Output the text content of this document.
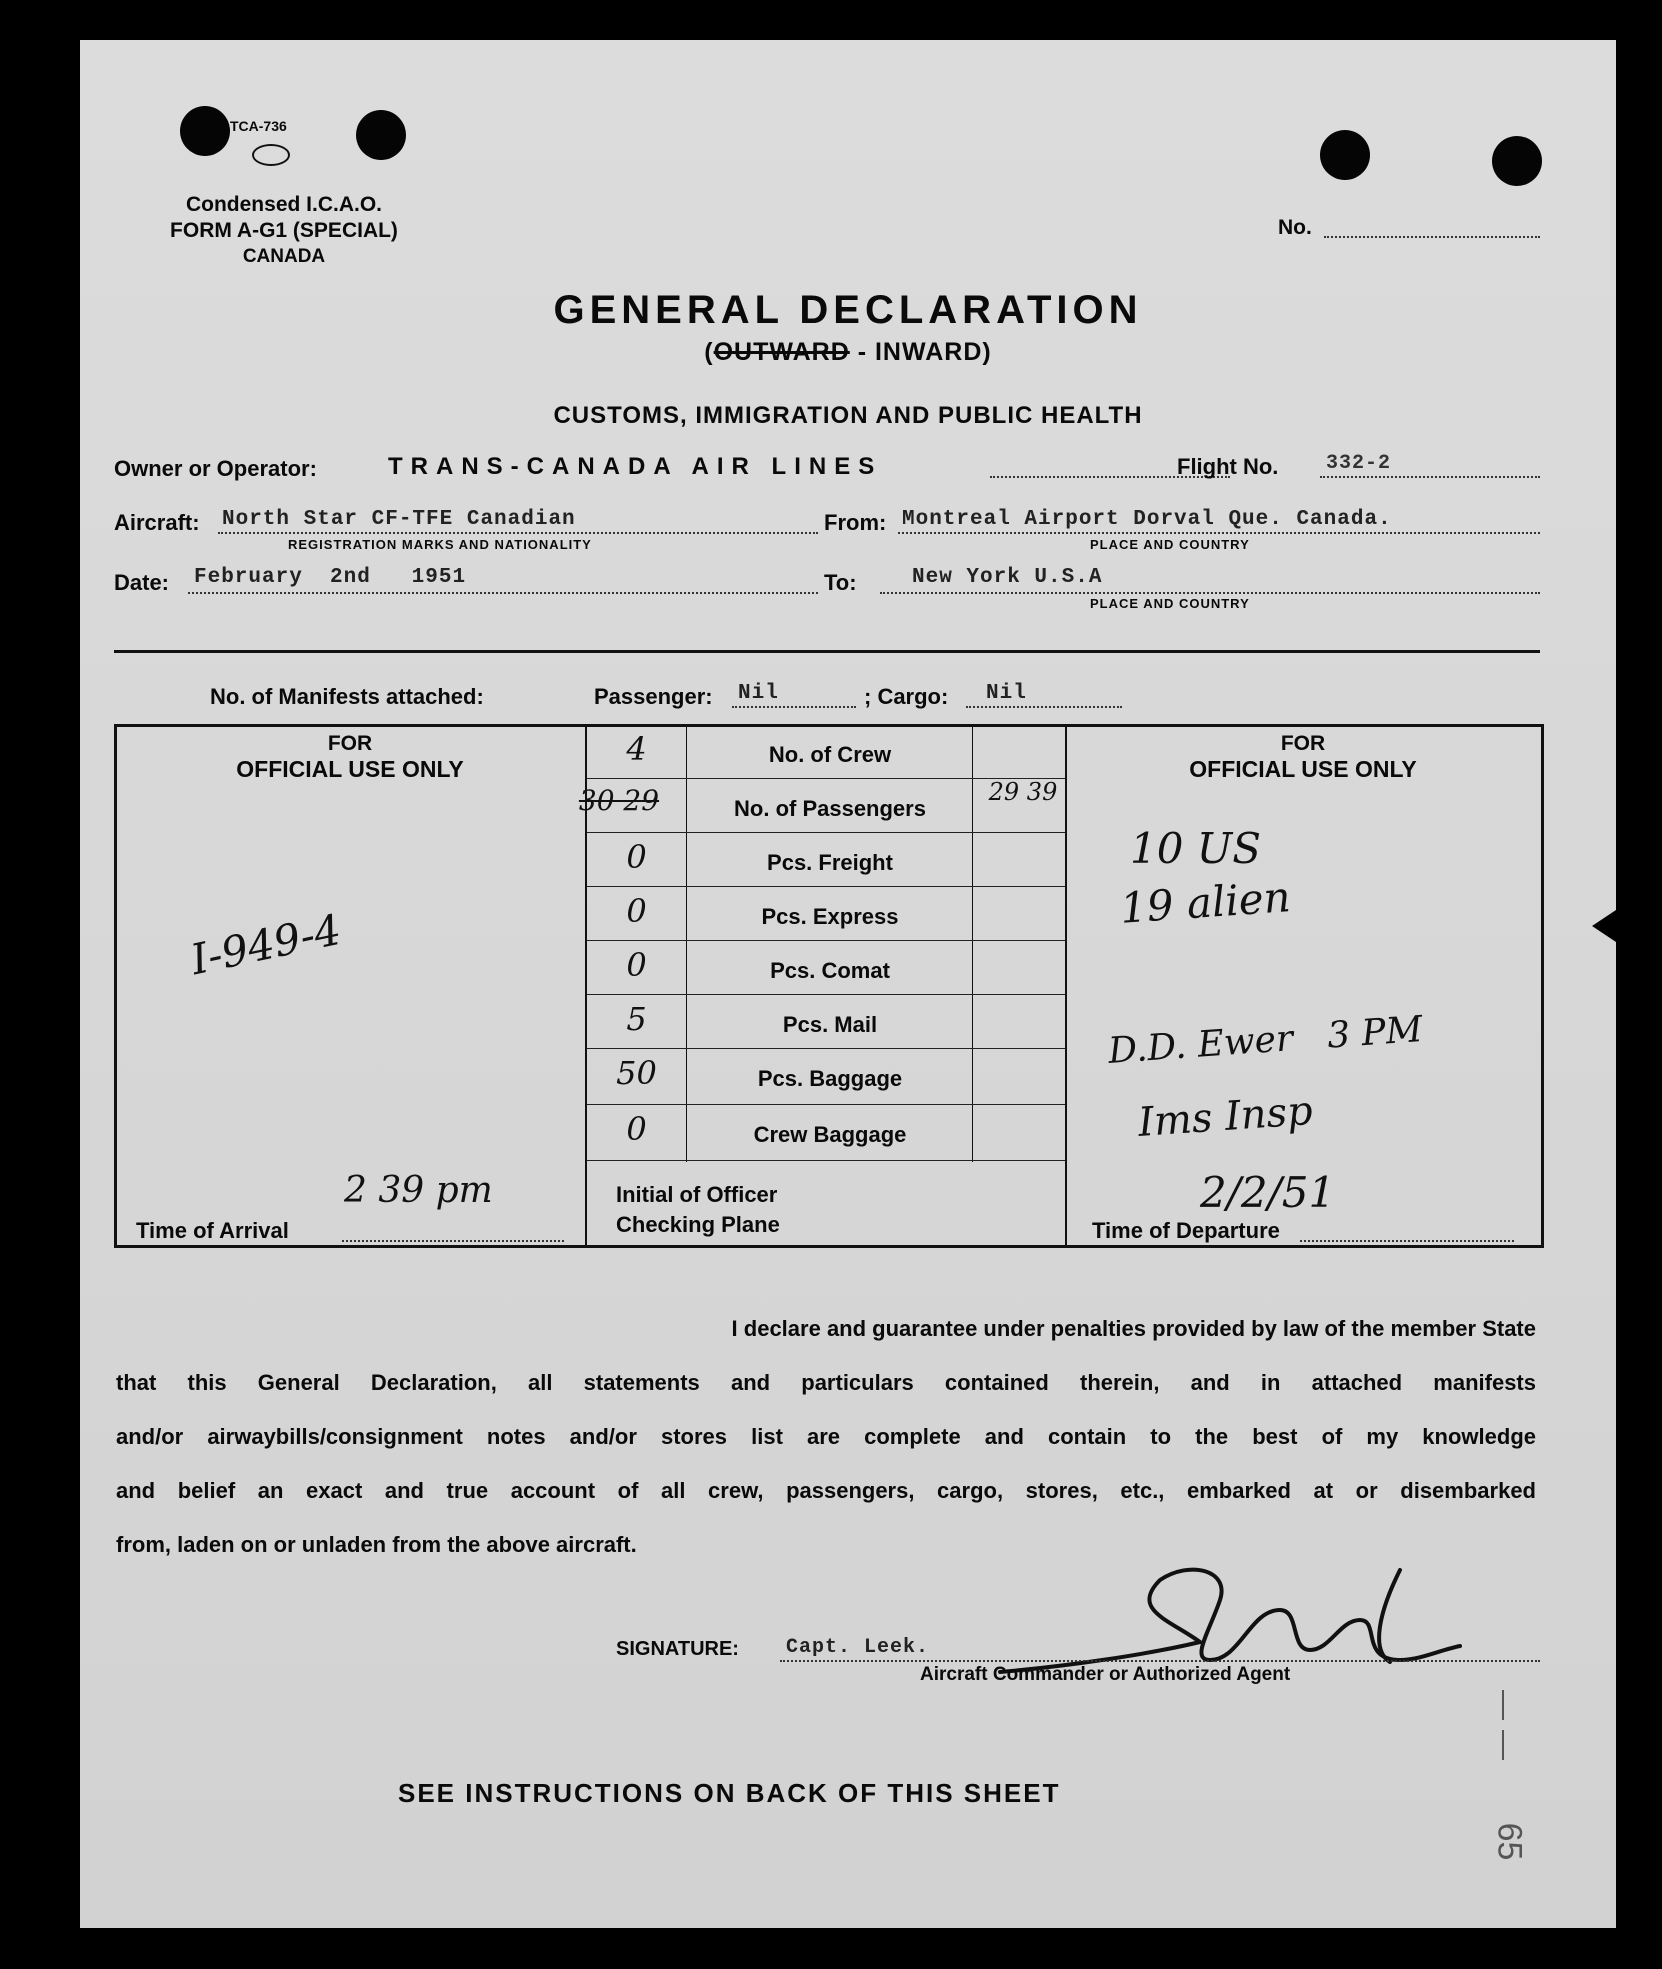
TCA-736
Condensed I.C.A.O.
FORM A-G1 (SPECIAL)
CANADA
No.
GENERAL DECLARATION
(OUTWARD - INWARD)
CUSTOMS, IMMIGRATION AND PUBLIC HEALTH
Owner or Operator:	TRANS-CANADA AIR LINES	Flight No. 332-2
Aircraft: North Star CF-TFE Canadian
REGISTRATION MARKS AND NATIONALITY
From: Montreal Airport Dorval Que. Canada.
PLACE AND COUNTRY
Date: February  2nd   1951	To:	New York U.S.A
PLACE AND COUNTRY
No. of Manifests attached:	Passenger: Nil	; Cargo: Nil
FOR
OFFICIAL USE ONLY
I-949-4
FOR
OFFICIAL USE ONLY
10 US
19 alien
D.D. Ewer   3 PM
Ims Insp
2/2/51
4	No. of Crew
30 29	No. of Passengers
29 39
0	Pcs. Freight
0	Pcs. Express
0	Pcs. Comat
5	Pcs. Mail
50	Pcs. Baggage
0	Crew Baggage
Initial of Officer
Checking Plane
Time of Arrival
2 39 pm
Time of Departure
I declare and guarantee under penalties provided by law of the member State
that this General Declaration, all statements and particulars contained therein, and in attached manifests
and/or airwaybills/consignment notes and/or stores list are complete and contain to the best of my knowledge
and belief an exact and true account of all crew, passengers, cargo, stores, etc., embarked at or disembarked
from, laden on or unladen from the above aircraft.
SIGNATURE: Capt. Leek.
Aircraft Commander or Authorized Agent
SEE INSTRUCTIONS ON BACK OF THIS SHEET
65
